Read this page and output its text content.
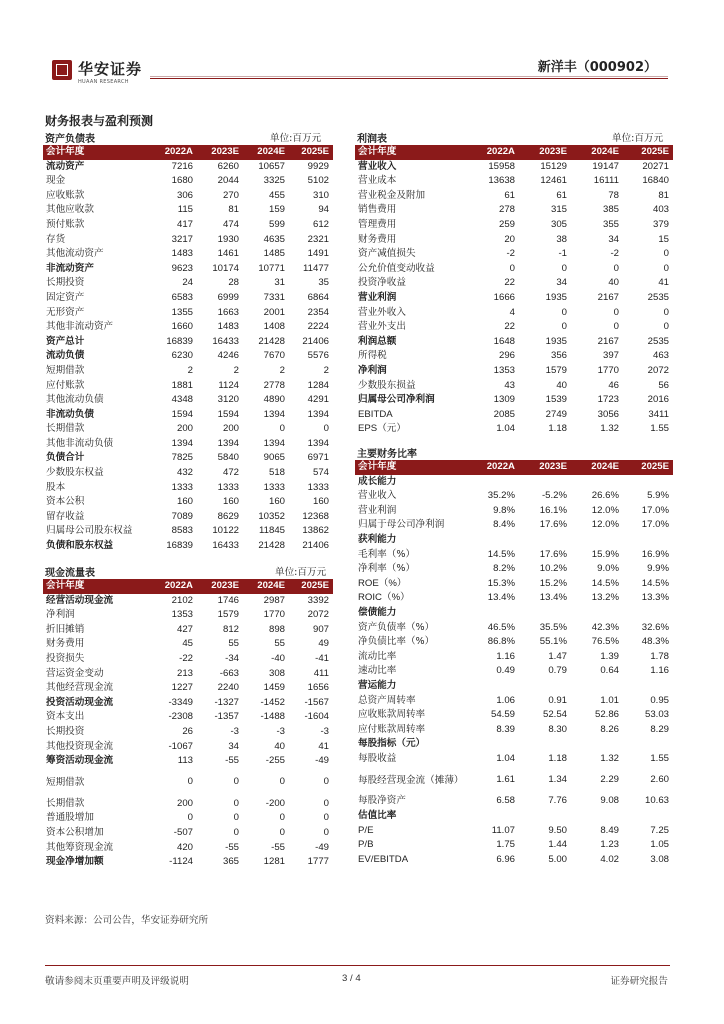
华安证券
HUAAN RESEARCH
新洋丰（000902）
财务报表与盈利预测
资产负债表	单位:百万元
会计年度	2022A	2023E	2024E	2025E
流动资产	7216	6260	10657	9929
现金	1680	2044	3325	5102
应收账款	306	270	455	310
其他应收款	115	81	159	94
预付账款	417	474	599	612
存货	3217	1930	4635	2321
其他流动资产	1483	1461	1485	1491
非流动资产	9623	10174	10771	11477
长期投资	24	28	31	35
固定资产	6583	6999	7331	6864
无形资产	1355	1663	2001	2354
其他非流动资产	1660	1483	1408	2224
资产总计	16839	16433	21428	21406
流动负债	6230	4246	7670	5576
短期借款	2	2	2	2
应付账款	1881	1124	2778	1284
其他流动负债	4348	3120	4890	4291
非流动负债	1594	1594	1394	1394
长期借款	200	200	0	0
其他非流动负债	1394	1394	1394	1394
负债合计	7825	5840	9065	6971
少数股东权益	432	472	518	574
股本	1333	1333	1333	1333
资本公积	160	160	160	160
留存收益	7089	8629	10352	12368
归属母公司股东权益	8583	10122	11845	13862
负债和股东权益	16839	16433	21428	21406
现金流量表	单位:百万元
会计年度	2022A	2023E	2024E	2025E
经营活动现金流	2102	1746	2987	3392
净利润	1353	1579	1770	2072
折旧摊销	427	812	898	907
财务费用	45	55	55	49
投资损失	-22	-34	-40	-41
营运资金变动	213	-663	308	411
其他经营现金流	1227	2240	1459	1656
投资活动现金流	-3349	-1327	-1452	-1567
资本支出	-2308	-1357	-1488	-1604
长期投资	26	-3	-3	-3
其他投资现金流	-1067	34	40	41
筹资活动现金流	113	-55	-255	-49
短期借款	0	0	0	0
长期借款	200	0	-200	0
普通股增加	0	0	0	0
资本公积增加	-507	0	0	0
其他筹资现金流	420	-55	-55	-49
现金净增加额	-1124	365	1281	1777
利润表	单位:百万元
会计年度	2022A	2023E	2024E	2025E
营业收入	15958	15129	19147	20271
营业成本	13638	12461	16111	16840
营业税金及附加	61	61	78	81
销售费用	278	315	385	403
管理费用	259	305	355	379
财务费用	20	38	34	15
资产减值损失	-2	-1	-2	0
公允价值变动收益	0	0	0	0
投资净收益	22	34	40	41
营业利润	1666	1935	2167	2535
营业外收入	4	0	0	0
营业外支出	22	0	0	0
利润总额	1648	1935	2167	2535
所得税	296	356	397	463
净利润	1353	1579	1770	2072
少数股东损益	43	40	46	56
归属母公司净利润	1309	1539	1723	2016
EBITDA	2085	2749	3056	3411
EPS（元）	1.04	1.18	1.32	1.55
主要财务比率
会计年度	2022A	2023E	2024E	2025E
成长能力				
营业收入	35.2%	-5.2%	26.6%	5.9%
营业利润	9.8%	16.1%	12.0%	17.0%
归属于母公司净利润	8.4%	17.6%	12.0%	17.0%
获利能力				
毛利率（%）	14.5%	17.6%	15.9%	16.9%
净利率（%）	8.2%	10.2%	9.0%	9.9%
ROE（%）	15.3%	15.2%	14.5%	14.5%
ROIC（%）	13.4%	13.4%	13.2%	13.3%
偿债能力				
资产负债率（%）	46.5%	35.5%	42.3%	32.6%
净负债比率（%）	86.8%	55.1%	76.5%	48.3%
流动比率	1.16	1.47	1.39	1.78
速动比率	0.49	0.79	0.64	1.16
营运能力				
总资产周转率	1.06	0.91	1.01	0.95
应收账款周转率	54.59	52.54	52.86	53.03
应付账款周转率	8.39	8.30	8.26	8.29
每股指标（元）				
每股收益	1.04	1.18	1.32	1.55
每股经营现金流（摊薄）	1.61	1.34	2.29	2.60
每股净资产	6.58	7.76	9.08	10.63
估值比率				
P/E	11.07	9.50	8.49	7.25
P/B	1.75	1.44	1.23	1.05
EV/EBITDA	6.96	5.00	4.02	3.08
资料来源：公司公告，华安证券研究所
敬请参阅末页重要声明及评级说明	3 / 4	证券研究报告
